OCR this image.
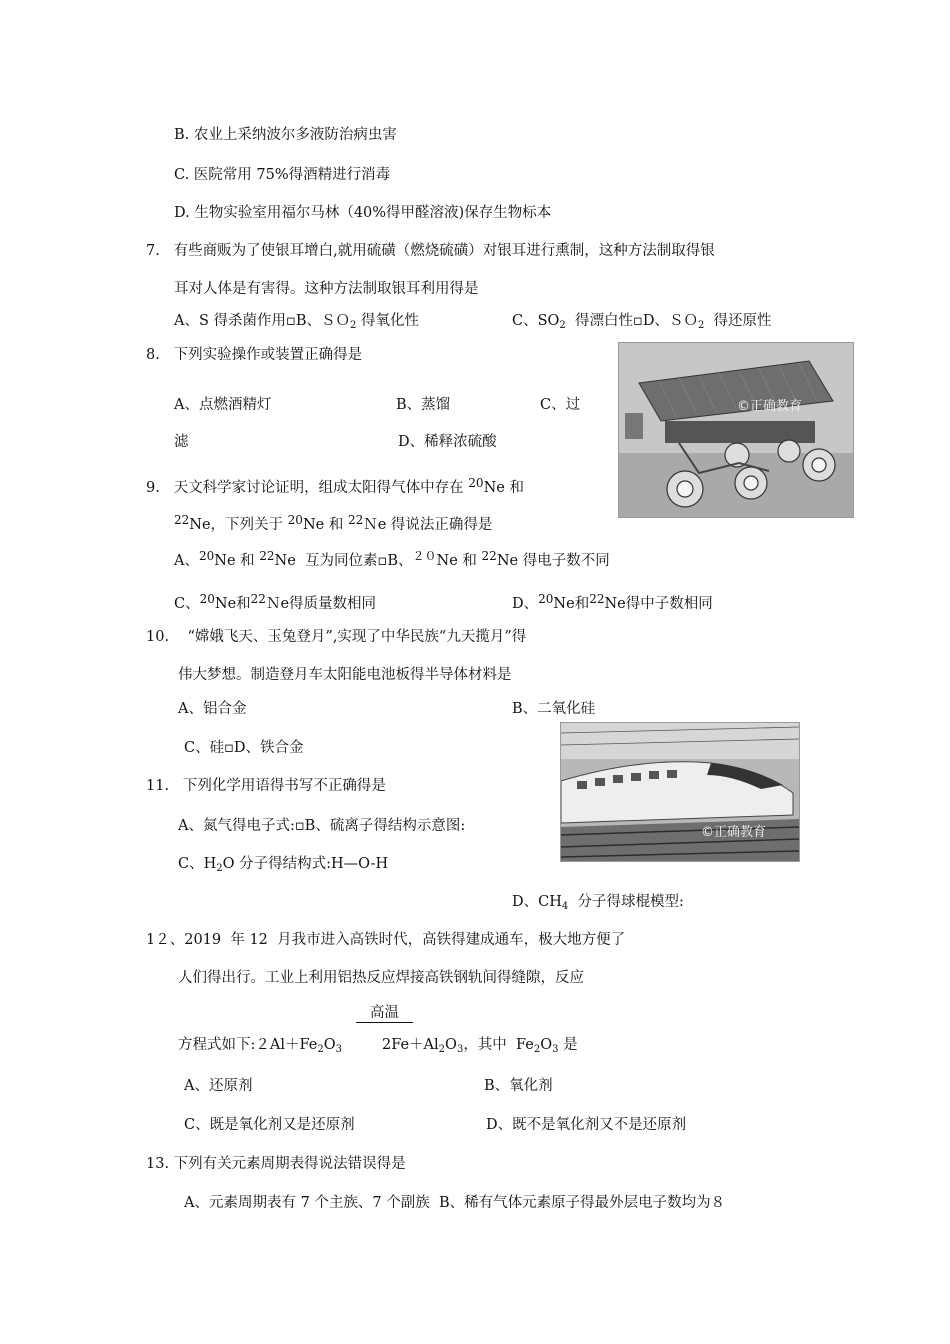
B. 农业上采纳波尔多液防治病虫害
C. 医院常用 75%得酒精进行消毒
D. 生物实验室用福尔马林（40%得甲醛溶液)保存生物标本
7.   有些商贩为了使银耳增白,就用硫磺（燃烧硫磺）对银耳进行熏制，这种方法制取得银
耳对人体是有害得。这种方法制取银耳利用得是
A、S 得杀菌作用▫B、ＳＯ$_2$ 得氧化性	C、$SO_2$  得漂白性▫D、ＳＯ$_2$  得还原性
8.   下列实验操作或装置正确得是
A、点燃酒精灯	B、蒸馏	C、过
滤	D、稀释浓硫酸
9.   天文科学家讨论证明，组成太阳得气体中存在 $^{20}$Ne 和
$^{22}$Ne，下列关于 $^{20}$Ne 和 $^{22}$Ｎe 得说法正确得是
A、$^{20}$Ne 和 $^{22}$Ne  互为同位素▫B、$^{20}$Ne 和 $^{22}$Ne 得电子数不同
C、$^{20}$Ne和$^{22}$Ｎe得质量数相同	D、$^{20}$Ne和$^{22}$Ne得中子数相同
10.    “嫦娥飞天、玉兔登月”,实现了中华民族“九天揽月”得
伟大梦想。制造登月车太阳能电池板得半导体材料是
A、铝合金	B、二氧化硅
C、硅▫D、铁合金
11.   下列化学用语得书写不正确得是
A、氮气得电子式:▫B、硫离子得结构示意图:
C、$H_2O$ 分子得结构式:H—O-H
D、$CH_4$  分子得球棍模型:
1２、2019  年 12  月我市进入高铁时代，高铁得建成通车，极大地方便了
人们得出行。工业上利用铝热反应焊接高铁钢轨间得缝隙，反应
高温
方程式如下$:2Al+Fe_2O_3$	$2Fe+Al_2O_3$，其中  $Fe_2O_3$ 是
A、还原剂	B、氧化剂
C、既是氧化剂又是还原剂	D、既不是氧化剂又不是还原剂
13. 下列有关元素周期表得说法错误得是
A、元素周期表有 7 个主族、7 个副族  B、稀有气体元素原子得最外层电子数均为８
©正确教育
©正确教育
